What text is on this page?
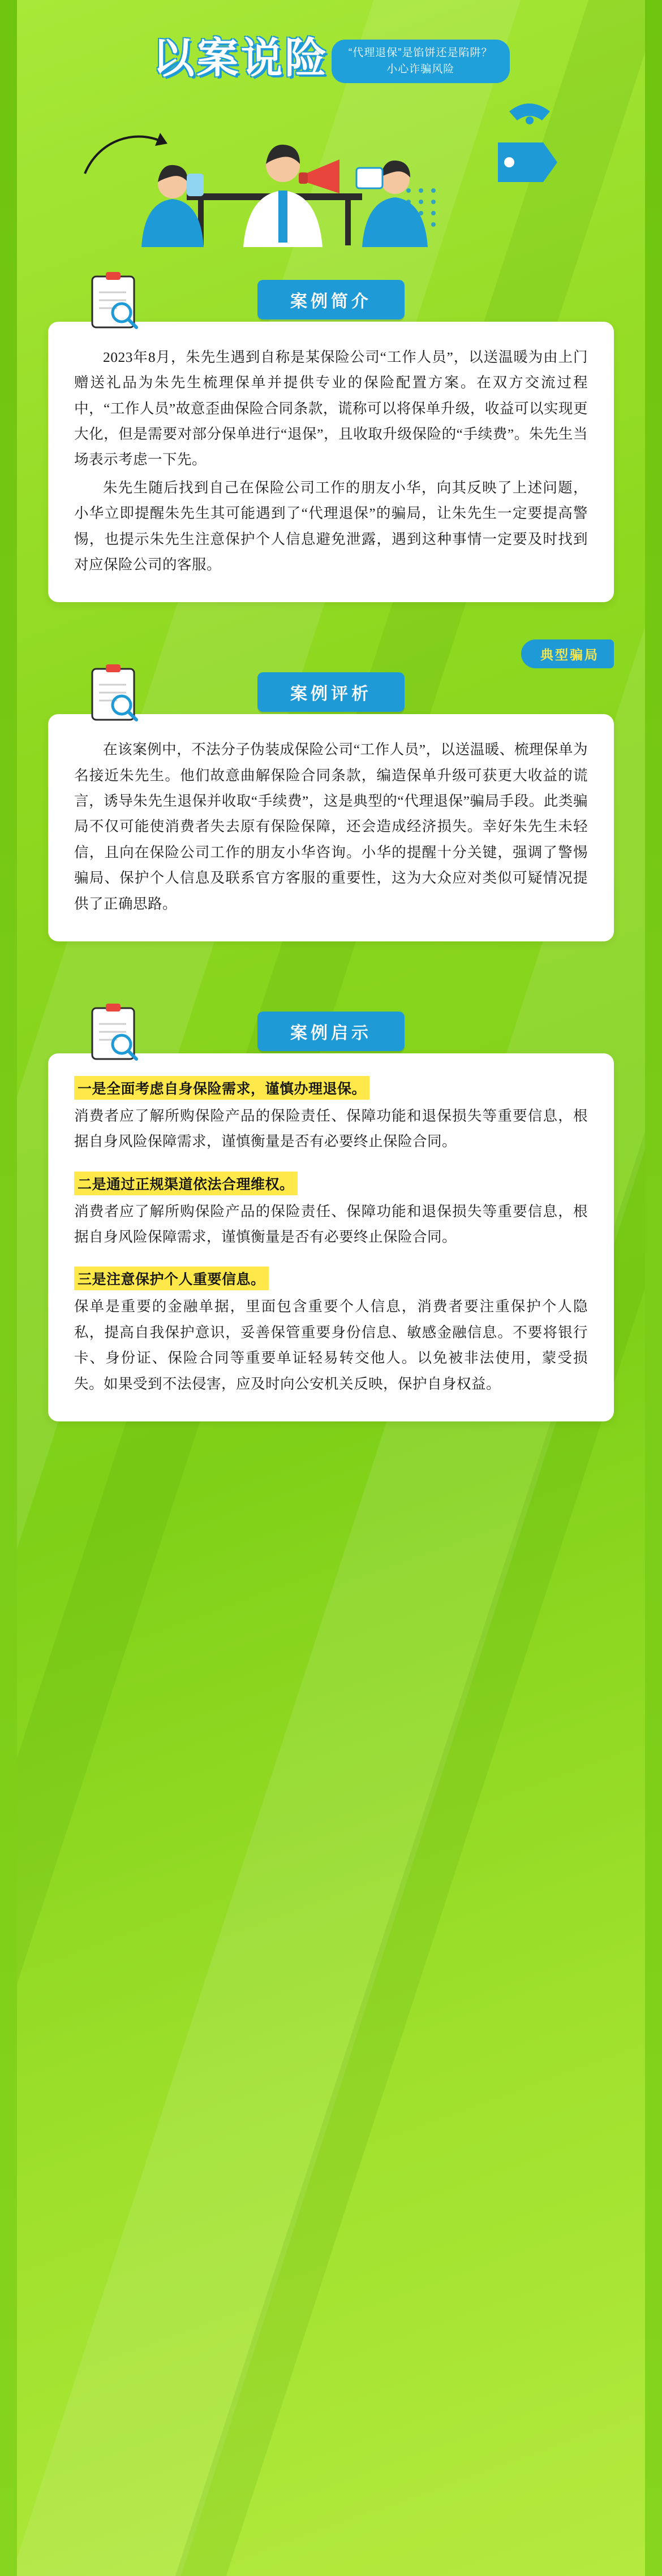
以案说险 “代理退保”是馅饼还是陷阱？
小心诈骗风险
案例简介

2023年8月，朱先生遇到自称是某保险公司“工作人员”，以送温暖为由上门赠送礼品为朱先生梳理保单并提供专业的保险配置方案。在双方交流过程中，“工作人员”故意歪曲保险合同条款，谎称可以将保单升级，收益可以实现更大化，但是需要对部分保单进行“退保”，且收取升级保险的“手续费”。朱先生当场表示考虑一下先。

朱先生随后找到自己在保险公司工作的朋友小华，向其反映了上述问题，小华立即提醒朱先生其可能遇到了“代理退保”的骗局，让朱先生一定要提高警惕，也提示朱先生注意保护个人信息避免泄露，遇到这种事情一定要及时找到对应保险公司的客服。

案例评析
典型骗局

在该案例中，不法分子伪装成保险公司“工作人员”，以送温暖、梳理保单为名接近朱先生。他们故意曲解保险合同条款，编造保单升级可获更大收益的谎言，诱导朱先生退保并收取“手续费”，这是典型的“代理退保”骗局手段。此类骗局不仅可能使消费者失去原有保险保障，还会造成经济损失。幸好朱先生未轻信，且向在保险公司工作的朋友小华咨询。小华的提醒十分关键，强调了警惕骗局、保护个人信息及联系官方客服的重要性，这为大众应对类似可疑情况提供了正确思路。

案例启示
一是全面考虑自身保险需求，谨慎办理退保。
消费者应了解所购保险产品的保险责任、保障功能和退保损失等重要信息，根据自身风险保障需求，谨慎衡量是否有必要终止保险合同。
二是通过正规渠道依法合理维权。
消费者应了解所购保险产品的保险责任、保障功能和退保损失等重要信息，根据自身风险保障需求，谨慎衡量是否有必要终止保险合同。
三是注意保护个人重要信息。
保单是重要的金融单据，里面包含重要个人信息，消费者要注重保护个人隐私，提高自我保护意识，妥善保管重要身份信息、敏感金融信息。不要将银行卡、身份证、保险合同等重要单证轻易转交他人。以免被非法使用，蒙受损失。如果受到不法侵害，应及时向公安机关反映，保护自身权益。
